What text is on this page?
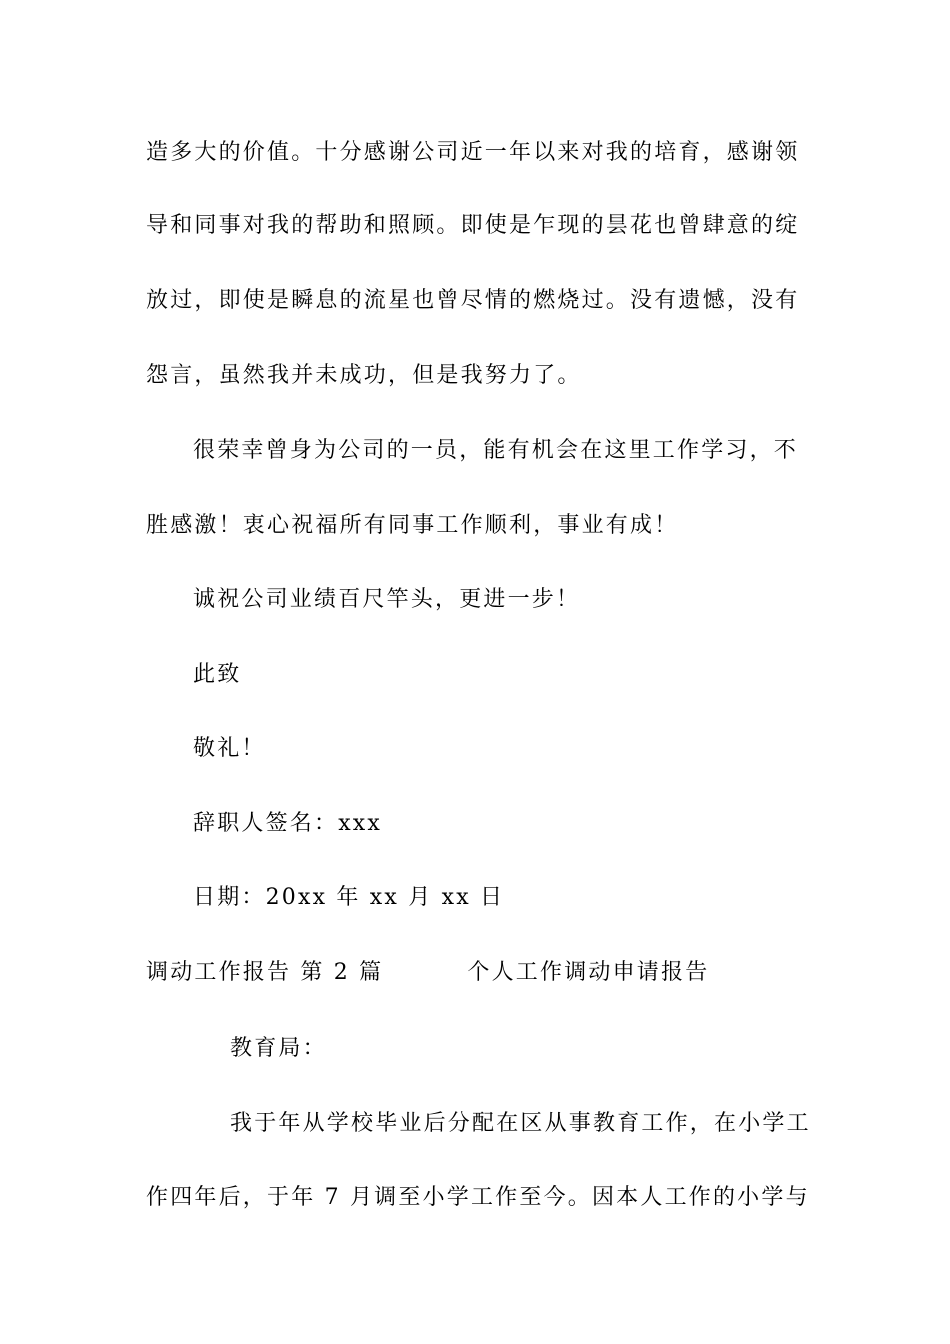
造多大的价值。十分感谢公司近一年以来对我的培育，感谢领
导和同事对我的帮助和照顾。即使是乍现的昙花也曾肆意的绽
放过，即使是瞬息的流星也曾尽情的燃烧过。没有遗憾，没有
怨言，虽然我并未成功，但是我努力了。
很荣幸曾身为公司的一员，能有机会在这里工作学习，不
胜感激！衷心祝福所有同事工作顺利，事业有成！
诚祝公司业绩百尺竿头，更进一步！
此致
敬礼！
辞职人签名：xxx
日期：20xx 年 xx 月 xx 日
调动工作报告 第 2 篇	个人工作调动申请报告
教育局：
我于年从学校毕业后分配在区从事教育工作，在小学工
作四年后，于年 7 月调至小学工作至今。因本人工作的小学与
